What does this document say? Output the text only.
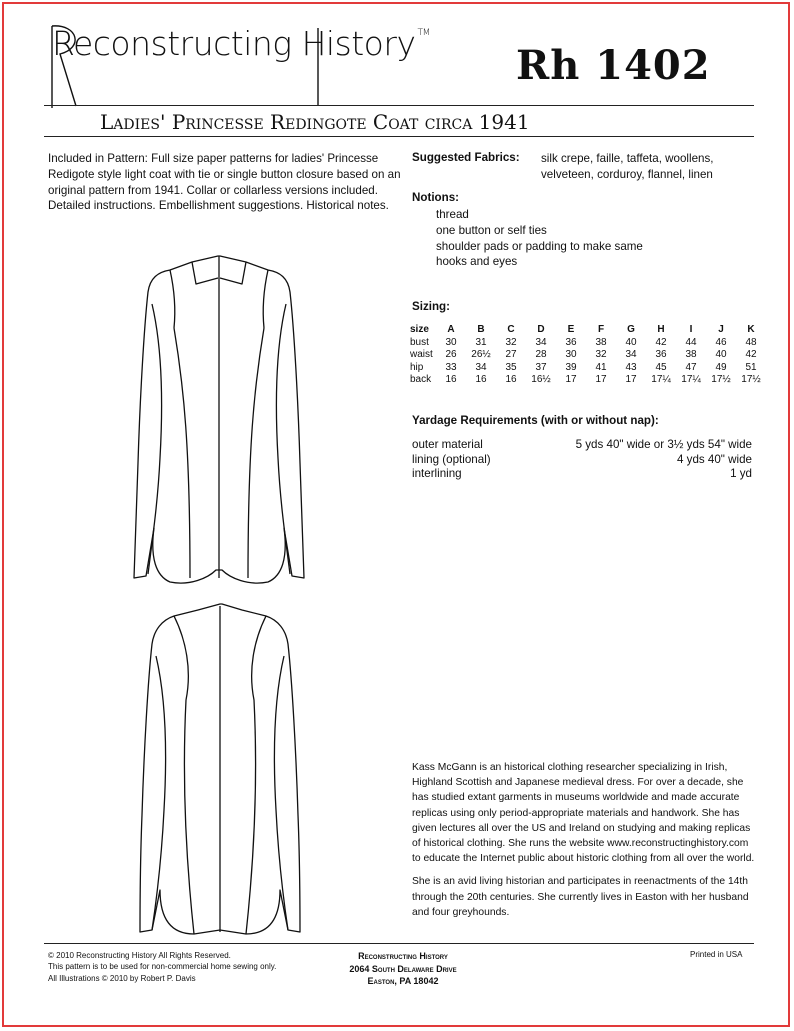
Reconstructing History ™
Rh 1402
Ladies' Princesse Redingote Coat circa 1941
Included in Pattern: Full size paper patterns for ladies' Princesse Redigote style light coat with tie or single button closure based on an original pattern from 1941. Collar or collarless versions included. Detailed instructions. Embellishment suggestions. Historical notes.
Suggested Fabrics: silk crepe, faille, taffeta, woollens, velveteen, corduroy, flannel, linen
Notions:
thread
one button or self ties
shoulder pads or padding to make same
hooks and eyes
Sizing:
size	A	B	C	D	E	F	G	H	I	J	K
bust	30	31	32	34	36	38	40	42	44	46	48
waist	26	26½	27	28	30	32	34	36	38	40	42
hip	33	34	35	37	39	41	43	45	47	49	51
back	16	16	16	16½	17	17	17	17¼	17¼	17½	17½
Yardage Requirements (with or without nap):
outer material	5 yds 40" wide or 3½ yds 54" wide
lining (optional)	4 yds 40" wide
interlining	1 yd

Kass McGann is an historical clothing researcher specializing in Irish, Highland Scottish and Japanese medieval dress. For over a decade, she has studied extant garments in museums worldwide and made accurate replicas using only period-appropriate materials and handwork. She has given lectures all over the US and Ireland on studying and making replicas of historical clothing. She runs the website www.reconstructinghistory.com to educate the Internet public about historic clothing from all over the world.

She is an avid living historian and participates in reenactments of the 14th through the 20th centuries. She currently lives in Easton with her husband and four greyhounds.

© 2010 Reconstructing History All Rights Reserved.
This pattern is to be used for non-commercial home sewing only.
All Illustrations © 2010 by Robert P. Davis
Reconstructing History
2064 South Delaware Drive
Easton, PA 18042
Printed in USA
